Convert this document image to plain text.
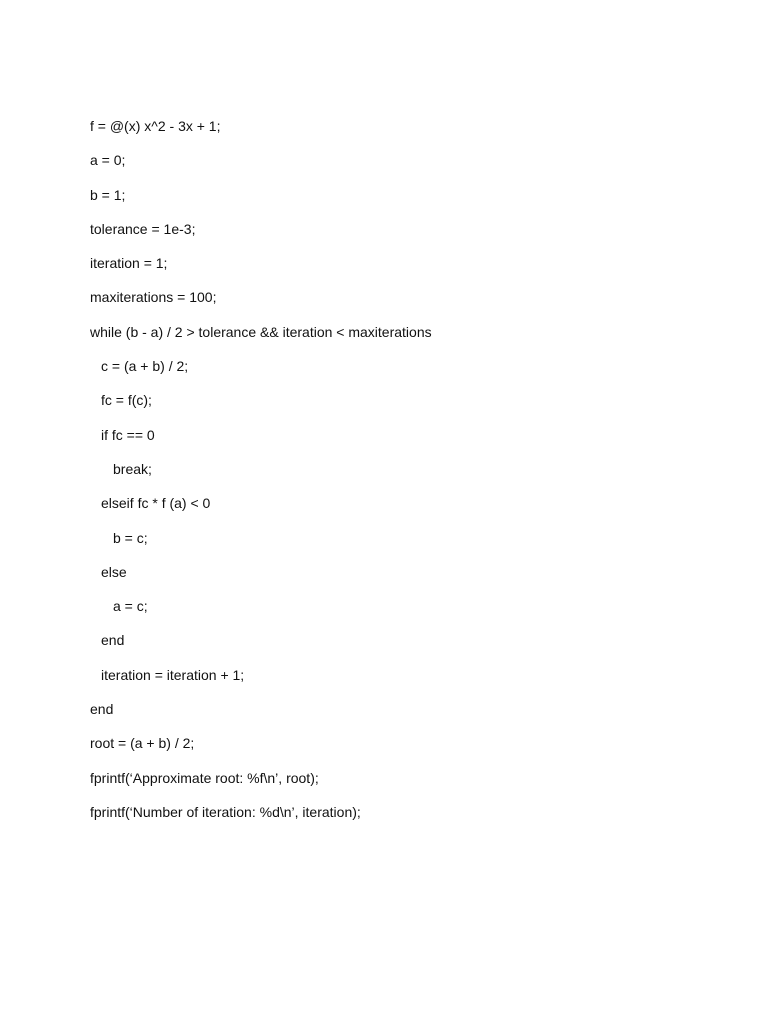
f = @(x) x^2 - 3x + 1;
a = 0;
b = 1;
tolerance = 1e-3;
iteration = 1;
maxiterations = 100;
while (b - a) / 2 > tolerance && iteration < maxiterations
c = (a + b) / 2;
fc = f(c);
if fc == 0
break;
elseif fc * f (a) < 0
b = c;
else
a = c;
end
iteration = iteration + 1;
end
root = (a + b) / 2;
fprintf(‘Approximate root: %f\n’, root);
fprintf(‘Number of iteration: %d\n’, iteration);
